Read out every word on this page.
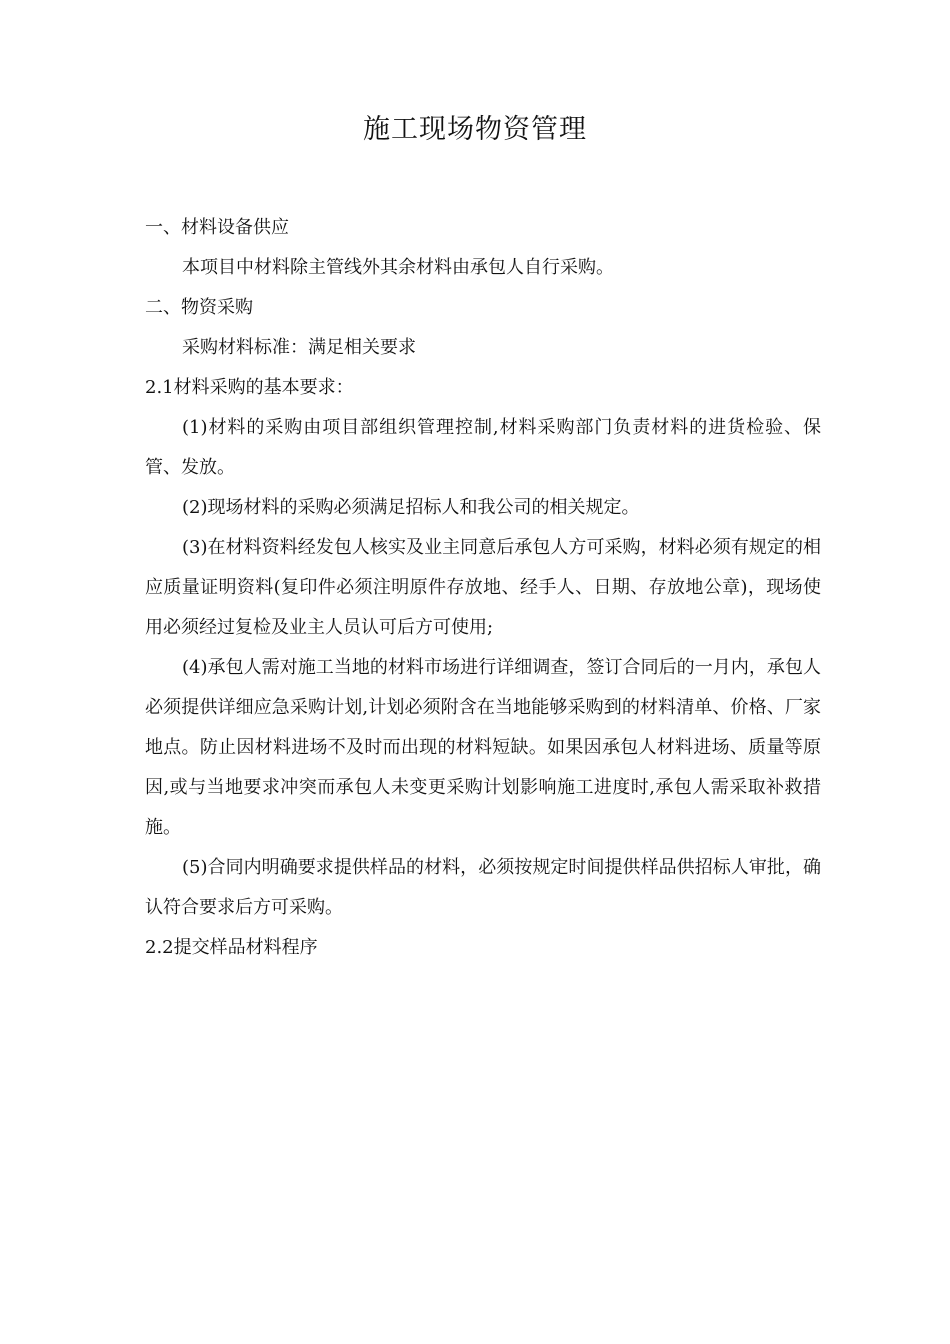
施工现场物资管理

一、材料设备供应

本项目中材料除主管线外其余材料由承包人自行采购。

二、物资采购

采购材料标准：满足相关要求

2.1材料采购的基本要求：

(1)材料的采购由项目部组织管理控制,材料采购部门负责材料的进货检验、保管、发放。

(2)现场材料的采购必须满足招标人和我公司的相关规定。

(3)在材料资料经发包人核实及业主同意后承包人方可采购，材料必须有规定的相应质量证明资料(复印件必须注明原件存放地、经手人、日期、存放地公章)，现场使用必须经过复检及业主人员认可后方可使用;

(4)承包人需对施工当地的材料市场进行详细调查，签订合同后的一月内，承包人必须提供详细应急采购计划,计划必须附含在当地能够采购到的材料清单、价格、厂家地点。防止因材料进场不及时而出现的材料短缺。如果因承包人材料进场、质量等原因,或与当地要求冲突而承包人未变更采购计划影响施工进度时,承包人需采取补救措施。

(5)合同内明确要求提供样品的材料，必须按规定时间提供样品供招标人审批，确认符合要求后方可采购。

2.2提交样品材料程序
